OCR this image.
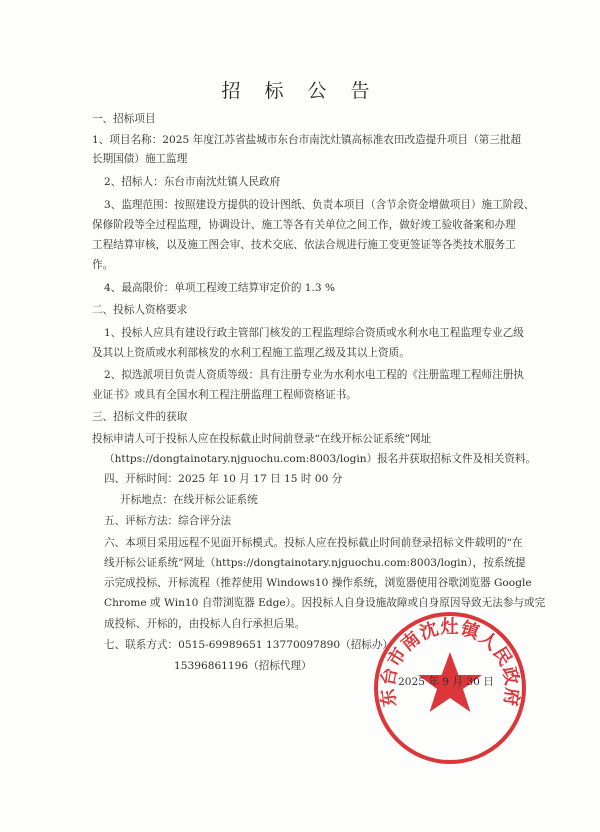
招 标 公 告
一、招标项目
1、项目名称：2025 年度江苏省盐城市东台市南沈灶镇高标准农田改造提升项目（第三批超
长期国债）施工监理
2、招标人：东台市南沈灶镇人民政府
3、监理范围：按照建设方提供的设计图纸、负责本项目（含节余资金增做项目）施工阶段、
保修阶段等全过程监理，协调设计、施工等各有关单位之间工作，做好竣工验收备案和办理
工程结算审核，以及施工图会审、技术交底、依法合规进行施工变更签证等各类技术服务工
作。
4、最高限价：单项工程竣工结算审定价的 1.3 %
二、投标人资格要求
1、投标人应具有建设行政主管部门核发的工程监理综合资质或水利水电工程监理专业乙级
及其以上资质或水利部核发的水利工程施工监理乙级及其以上资质。
2、拟选派项目负责人资质等级：具有注册专业为水利水电工程的《注册监理工程师注册执
业证书》或具有全国水利工程注册监理工程师资格证书。
三、招标文件的获取
投标申请人可于投标人应在投标截止时间前登录“在线开标公证系统”网址
（https://dongtainotary.njguochu.com:8003/login）报名并获取招标文件及相关资料。
四、开标时间：2025 年 10 月 17 日 15 时 00 分
开标地点：在线开标公证系统
五、评标方法：综合评分法
六、本项目采用远程不见面开标模式。投标人应在投标截止时间前登录招标文件载明的“在
线开标公证系统”网址（https://dongtainotary.njguochu.com:8003/login），按系统提
示完成投标、开标流程（推荐使用 Windows10 操作系统，浏览器使用谷歌浏览器 Google
Chrome 或 Win10 自带浏览器 Edge）。因投标人自身设施故障或自身原因导致无法参与或完
成投标、开标的，由投标人自行承担后果。
七、联系方式：0515-69989651 13770097890（招标办）
15396861196（招标代理）
东台市南沈灶镇人民政府
2025 年 9 月 30 日
